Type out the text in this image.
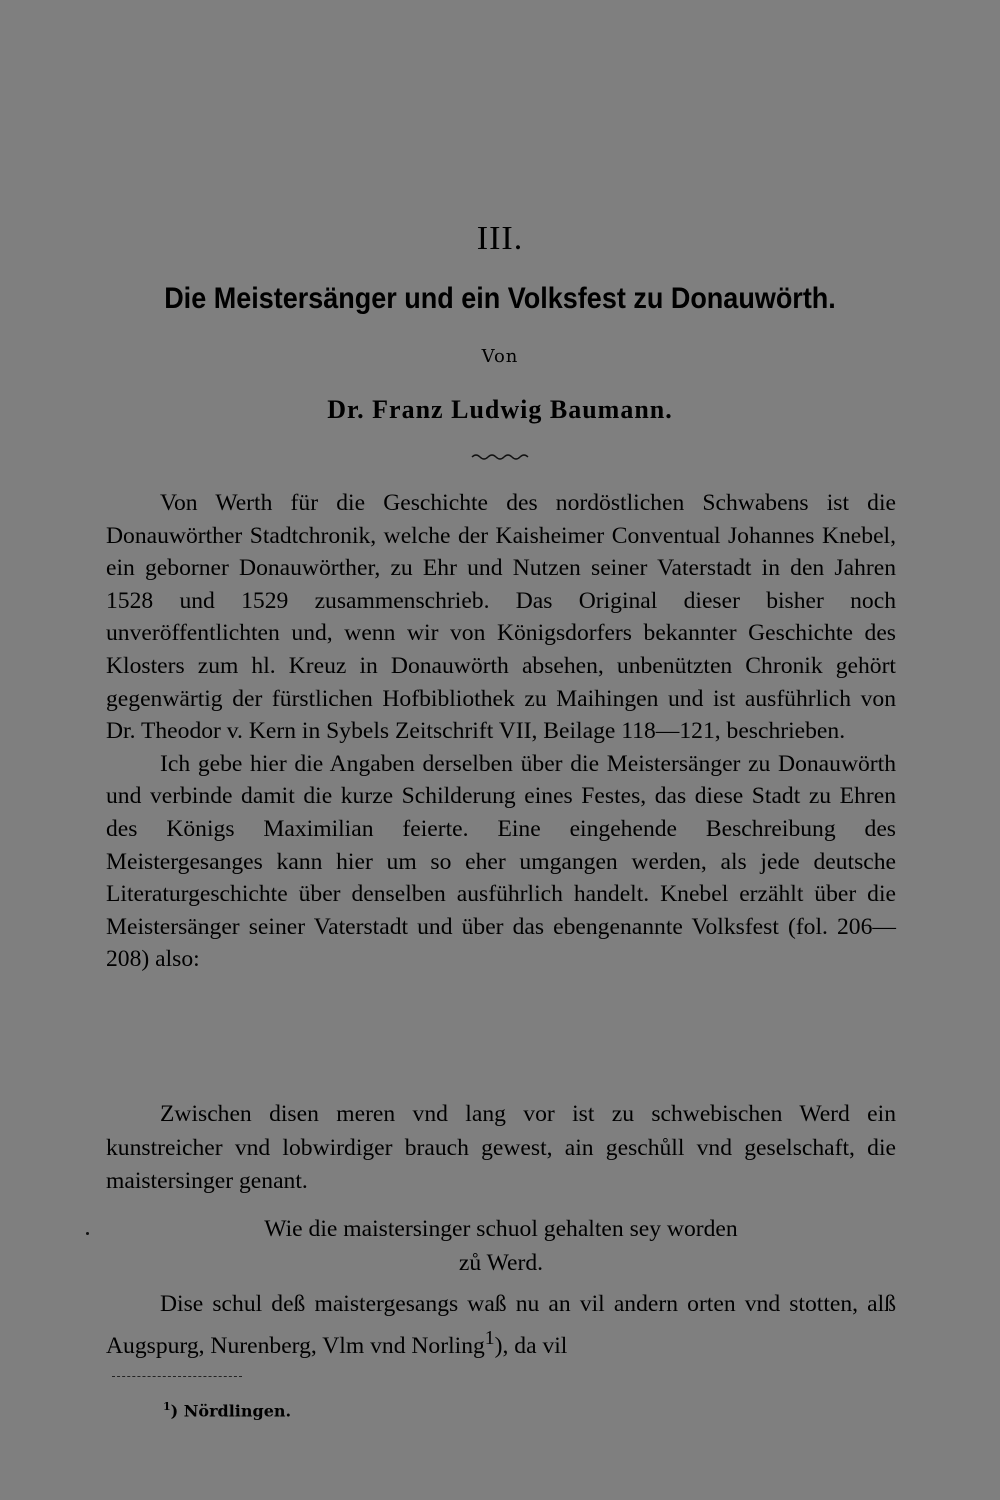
III.
Die Meistersänger und ein Volksfest zu Donauwörth.
Von
Dr. Franz Ludwig Baumann.

Von Werth für die Geschichte des nordöstlichen Schwabens ist die Donauwörther Stadtchronik, welche der Kaisheimer Conventual Johannes Knebel, ein geborner Donauwörther, zu Ehr und Nutzen seiner Vaterstadt in den Jahren 1528 und 1529 zusammenschrieb. Das Original dieser bisher noch unveröffentlichten und, wenn wir von Königsdorfers bekannter Geschichte des Klosters zum hl. Kreuz in Donauwörth absehen, unbenützten Chronik gehört gegenwärtig der fürstlichen Hofbibliothek zu Maihingen und ist ausführlich von Dr. Theodor v. Kern in Sybels Zeitschrift VII, Beilage 118—121, beschrieben.

Ich gebe hier die Angaben derselben über die Meistersänger zu Donauwörth und verbinde damit die kurze Schilderung eines Festes, das diese Stadt zu Ehren des Königs Maximilian feierte. Eine eingehende Beschreibung des Meistergesanges kann hier um so eher umgangen werden, als jede deutsche Literaturgeschichte über denselben ausführlich handelt. Knebel erzählt über die Meistersänger seiner Vaterstadt und über das ebengenannte Volksfest (fol. 206—208) also:

Zwischen disen meren vnd lang vor ist zu schwebischen Werd ein kunstreicher vnd lobwirdiger brauch gewest, ain geschůll vnd geselschaft, die maistersinger genant.

Wie die maistersinger schuol gehalten sey worden
zů Werd.

Dise schul deß maistergesangs waß nu an vil andern orten vnd stotten, alß Augspurg, Nurenberg, Vlm vnd Norling$^1$), da vil

$^1$) Nördlingen.
